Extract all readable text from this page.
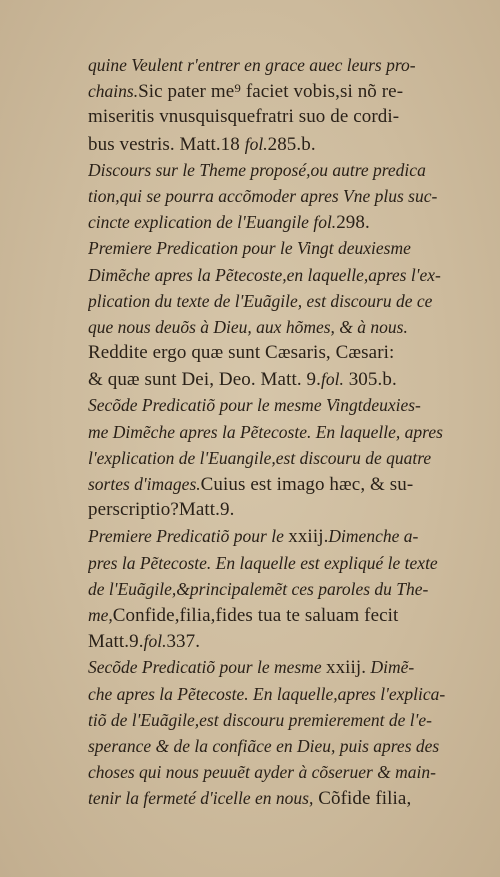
quine Veulent r'entrer en grace auec leurs pro-
chains.Sic pater me⁹ faciet vobis,si nõ re-
miseritis vnusquisquefratri suo de cordi-
bus vestris. Matt.18 fol.285.b.
Discours sur le Theme proposé,ou autre predica
tion,qui se pourra accõmoder apres Vne plus suc-
cincte explication de l'Euangile fol.298.
Premiere Predication pour le Vingt deuxiesme
Dimẽche apres la Pẽtecoste,en laquelle,apres l'ex-
plication du texte de l'Euãgile, est discouru de ce
que nous deuõs à Dieu, aux hõmes, & à nous.
Reddite ergo quæ sunt Cæsaris, Cæsari:
& quæ sunt Dei, Deo. Matt. 9.fol. 305.b.
Secõde Predicatiõ pour le mesme Vingtdeuxies-
me Dimẽche apres la Pẽtecoste. En laquelle, apres
l'explication de l'Euangile,est discouru de quatre
sortes d'images.Cuius est imago hæc, & su-
perscriptio?Matt.9.
Premiere Predicatiõ pour le xxiij.Dimenche a-
pres la Pẽtecoste. En laquelle est expliqué le texte
de l'Euãgile,&principalemẽt ces paroles du The-
me,Confide,filia,fides tua te saluam fecit
Matt.9.fol.337.
Secõde Predicatiõ pour le mesme xxiij. Dimẽ-
che apres la Pẽtecoste. En laquelle,apres l'explica-
tiõ de l'Euãgile,est discouru premierement de l'e-
sperance & de la confiãce en Dieu, puis apres des
choses qui nous peuuẽt ayder à cõseruer & main-
tenir la fermeté d'icelle en nous, Cõfide filia,
